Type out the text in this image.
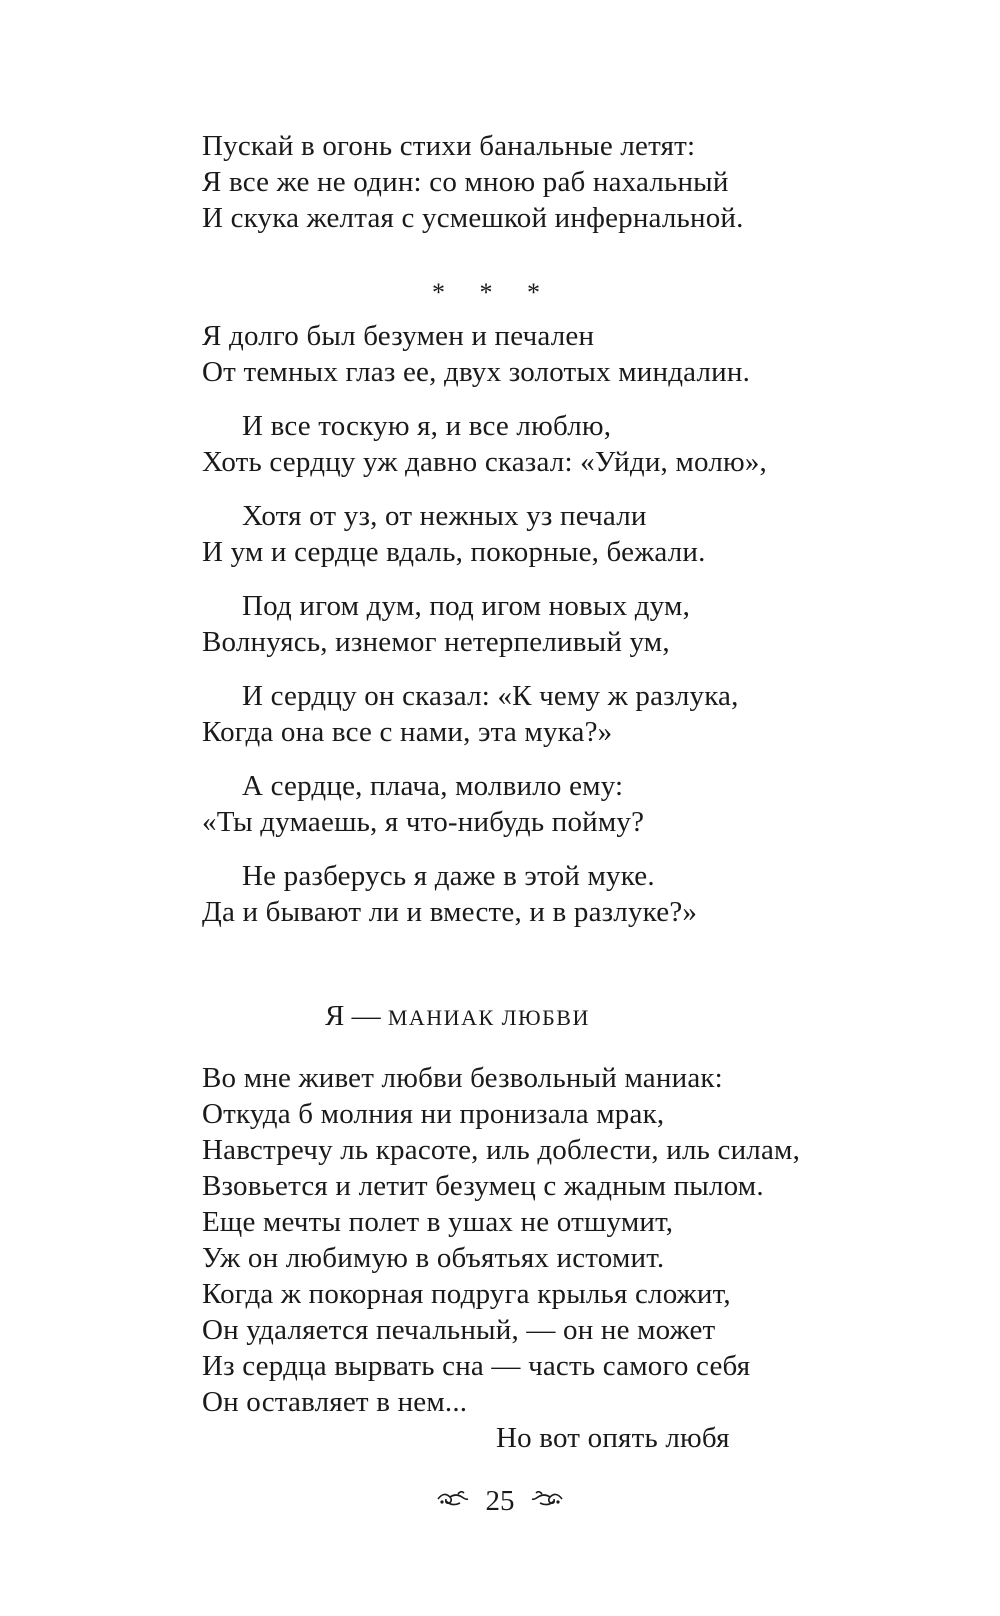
Пускай в огонь стихи банальные летят:
Я все же не один: со мною раб нахальный
И скука желтая с усмешкой инфернальной.
* * *
Я долго был безумен и печален
От темных глаз ее, двух золотых миндалин.
И все тоскую я, и все люблю,
Хоть сердцу уж давно сказал: «Уйди, молю»,
Хотя от уз, от нежных уз печали
И ум и сердце вдаль, покорные, бежали.
Под игом дум, под игом новых дум,
Волнуясь, изнемог нетерпеливый ум,
И сердцу он сказал: «К чему ж разлука,
Когда она все с нами, эта мука?»
А сердце, плача, молвило ему:
«Ты думаешь, я что-нибудь пойму?
Не разберусь я даже в этой муке.
Да и бывают ли и вместе, и в разлуке?»
Я — МАНИАК ЛЮБВИ
Во мне живет любви безвольный маниак:
Откуда б молния ни пронизала мрак,
Навстречу ль красоте, иль доблести, иль силам,
Взовьется и летит безумец с жадным пылом.
Еще мечты полет в ушах не отшумит,
Уж он любимую в объятьях истомит.
Когда ж покорная подруга крылья сложит,
Он удаляется печальный, — он не может
Из сердца вырвать сна — часть самого себя
Он оставляет в нем...
Но вот опять любя
25
